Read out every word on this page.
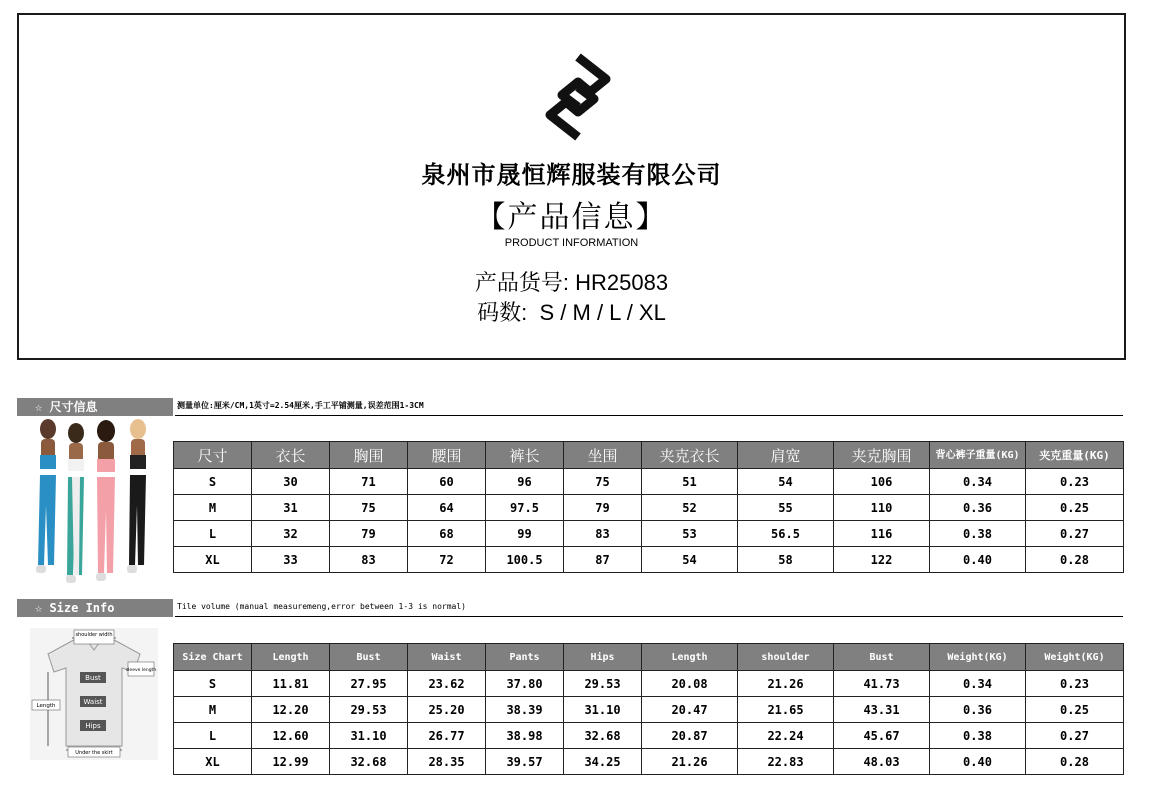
泉州市晟恒辉服装有限公司
【产品信息】
PRODUCT INFORMATION
产品货号: HR25083
码数: S / M / L / XL
☆ 尺寸信息	测量单位:厘米/CM,1英寸=2.54厘米,手工平铺测量,误差范围1-3CM
尺寸	衣长	胸围	腰围	裤长	坐围	夹克衣长	肩宽	夹克胸围	背心裤子重量(KG)	夹克重量(KG)
S	30	71	60	96	75	51	54	106	0.34	0.23
M	31	75	64	97.5	79	52	55	110	0.36	0.25
L	32	79	68	99	83	53	56.5	116	0.38	0.27
XL	33	83	72	100.5	87	54	58	122	0.40	0.28
☆ Size Info	Tile volume (manual measuremeng,error between 1-3 is normal)
shoulder width
sleeve length
Bust
Waist
Hips
Length
Under the skirt
Size Chart	Length	Bust	Waist	Pants	Hips	Length	shoulder	Bust	Weight(KG)	Weight(KG)
S	11.81	27.95	23.62	37.80	29.53	20.08	21.26	41.73	0.34	0.23
M	12.20	29.53	25.20	38.39	31.10	20.47	21.65	43.31	0.36	0.25
L	12.60	31.10	26.77	38.98	32.68	20.87	22.24	45.67	0.38	0.27
XL	12.99	32.68	28.35	39.57	34.25	21.26	22.83	48.03	0.40	0.28
